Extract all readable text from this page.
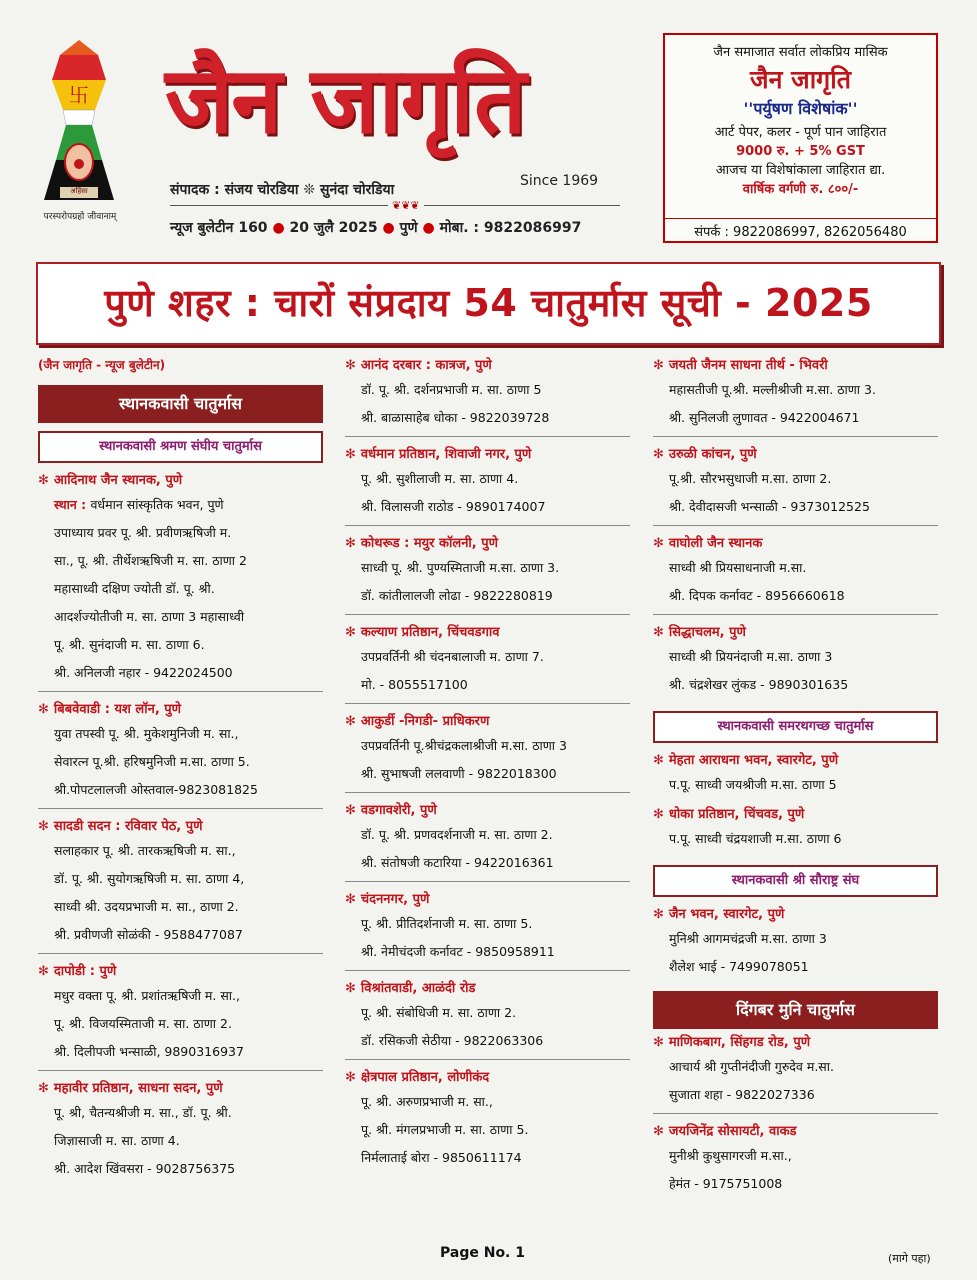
卐
अहिंसा
परस्परोपग्रहो जीवानाम्
जैन जागृति
Since 1969
संपादक : संजय चोरडिया ❊ सुनंदा चोरडिया
❦❦❦
न्यूज बुलेटीन 160 ● 20 जुलै 2025 ● पुणे ● मोबा. : 9822086997
जैन समाजात सर्वात लोकप्रिय मासिक
जैन जागृति
''पर्युषण विशेषांक''
आर्ट पेपर, कलर - पूर्ण पान जाहिरात
9000 रु. + 5% GST
आजच या विशेषांकाला जाहिरात द्या.
वार्षिक वर्गणी रु. ८००/-
संपर्क : 9822086997, 8262056480
पुणे शहर : चारों संप्रदाय 54 चातुर्मास सूची - 2025
(जैन जागृति - न्यूज बुलेटीन)
स्थानकवासी चातुर्मास
स्थानकवासी श्रमण संघीय चातुर्मास
✻ आदिनाथ जैन स्थानक, पुणे
स्थान : वर्धमान सांस्कृतिक भवन, पुणे
उपाध्याय प्रवर पू. श्री. प्रवीणऋषिजी म.
सा., पू. श्री. तीर्थेशऋषिजी म. सा. ठाणा 2
महासाध्वी दक्षिण ज्योती डॉ. पू. श्री.
आदर्शज्योतीजी म. सा. ठाणा 3 महासाध्वी
पू. श्री. सुनंदाजी म. सा. ठाणा 6.
श्री. अनिलजी नहार - 9422024500
✻ बिबवेवाडी : यश लॉन, पुणे
युवा तपस्वी पू. श्री. मुकेशमुनिजी म. सा.,
सेवारत्न पू.श्री. हरिषमुनिजी म.सा. ठाणा 5.
श्री.पोपटलालजी ओस्तवाल-9823081825
✻ सादडी सदन : रविवार पेठ, पुणे
सलाहकार पू. श्री. तारकऋषिजी म. सा.,
डॉ. पू. श्री. सुयोगऋषिजी म. सा. ठाणा 4,
साध्वी श्री. उदयप्रभाजी म. सा., ठाणा 2.
श्री. प्रवीणजी सोळंकी - 9588477087
✻ दापोडी : पुणे
मधुर वक्ता पू. श्री. प्रशांतऋषिजी म. सा.,
पू. श्री. विजयस्मिताजी म. सा. ठाणा 2.
श्री. दिलीपजी भन्साळी, 9890316937
✻ महावीर प्रतिष्ठान, साधना सदन, पुणे
पू. श्री, चैतन्यश्रीजी म. सा., डॉ. पू. श्री.
जिज्ञासाजी म. सा. ठाणा 4.
श्री. आदेश खिंवसरा - 9028756375
✻ आनंद दरबार : कात्रज, पुणे
डॉ. पू. श्री. दर्शनप्रभाजी म. सा. ठाणा 5
श्री. बाळासाहेब धोका - 9822039728
✻ वर्धमान प्रतिष्ठान, शिवाजी नगर, पुणे
पू. श्री. सुशीलाजी म. सा. ठाणा 4.
श्री. विलासजी राठोड - 9890174007
✻ कोथरूड : मयुर कॉलनी, पुणे
साध्वी पू. श्री. पुण्यस्मिताजी म.सा. ठाणा 3.
डॉ. कांतीलालजी लोढा - 9822280819
✻ कल्याण प्रतिष्ठान, चिंचवडगाव
उपप्रवर्तिनी श्री चंदनबालाजी म. ठाणा 7.
मो. - 8055517100
✻ आकुर्डी -निगडी- प्राधिकरण
उपप्रवर्तिनी पू.श्रीचंद्रकलाश्रीजी म.सा. ठाणा 3
श्री. सुभाषजी ललवाणी - 9822018300
✻ वडगावशेरी, पुणे
डॉ. पू. श्री. प्रणवदर्शनाजी म. सा. ठाणा 2.
श्री. संतोषजी कटारिया - 9422016361
✻ चंदननगर, पुणे
पू. श्री. प्रीतिदर्शनाजी म. सा. ठाणा 5.
श्री. नेमीचंदजी कर्नावट - 9850958911
✻ विश्रांतवाडी, आळंदी रोड
पू. श्री. संबोधिजी म. सा. ठाणा 2.
डॉ. रसिकजी सेठीया - 9822063306
✻ क्षेत्रपाल प्रतिष्ठान, लोणीकंद
पू. श्री. अरुणप्रभाजी म. सा.,
पू. श्री. मंगलप्रभाजी म. सा. ठाणा 5.
निर्मलाताई बोरा - 9850611174
✻ जयती जैनम साधना तीर्थ - भिवरी
महासतीजी पू.श्री. मल्लीश्रीजी म.सा. ठाणा 3.
श्री. सुनिलजी लुणावत - 9422004671
✻ उरुळी कांचन, पुणे
पू.श्री. सौरभसुधाजी म.सा. ठाणा 2.
श्री. देवीदासजी भन्साळी - 9373012525
✻ वाघोली जैन स्थानक
साध्वी श्री प्रियसाधनाजी म.सा.
श्री. दिपक कर्नावट - 8956660618
✻ सिद्धाचलम, पुणे
साध्वी श्री प्रियनंदाजी म.सा. ठाणा 3
श्री. चंद्रशेखर लुंकड - 9890301635
स्थानकवासी समरथगच्छ चातुर्मास
✻ मेहता आराधना भवन, स्वारगेट, पुणे
प.पू. साध्वी जयश्रीजी म.सा. ठाणा 5
✻ धोका प्रतिष्ठान, चिंचवड, पुणे
प.पू. साध्वी चंद्रयशाजी म.सा. ठाणा 6
स्थानकवासी श्री सौराष्ट्र संघ
✻ जैन भवन, स्वारगेट, पुणे
मुनिश्री आगमचंद्रजी म.सा. ठाणा 3
शैलेश भाई - 7499078051
दिंगबर मुनि चातुर्मास
✻ माणिकबाग, सिंहगड रोड, पुणे
आचार्य श्री गुप्तीनंदीजी गुरुदेव म.सा.
सुजाता शहा - 9822027336
✻ जयजिनेंद्र सोसायटी, वाकड
मुनीश्री कुथुसागरजी म.सा.,
हेमंत - 9175751008
Page No. 1	(मागे पहा)
